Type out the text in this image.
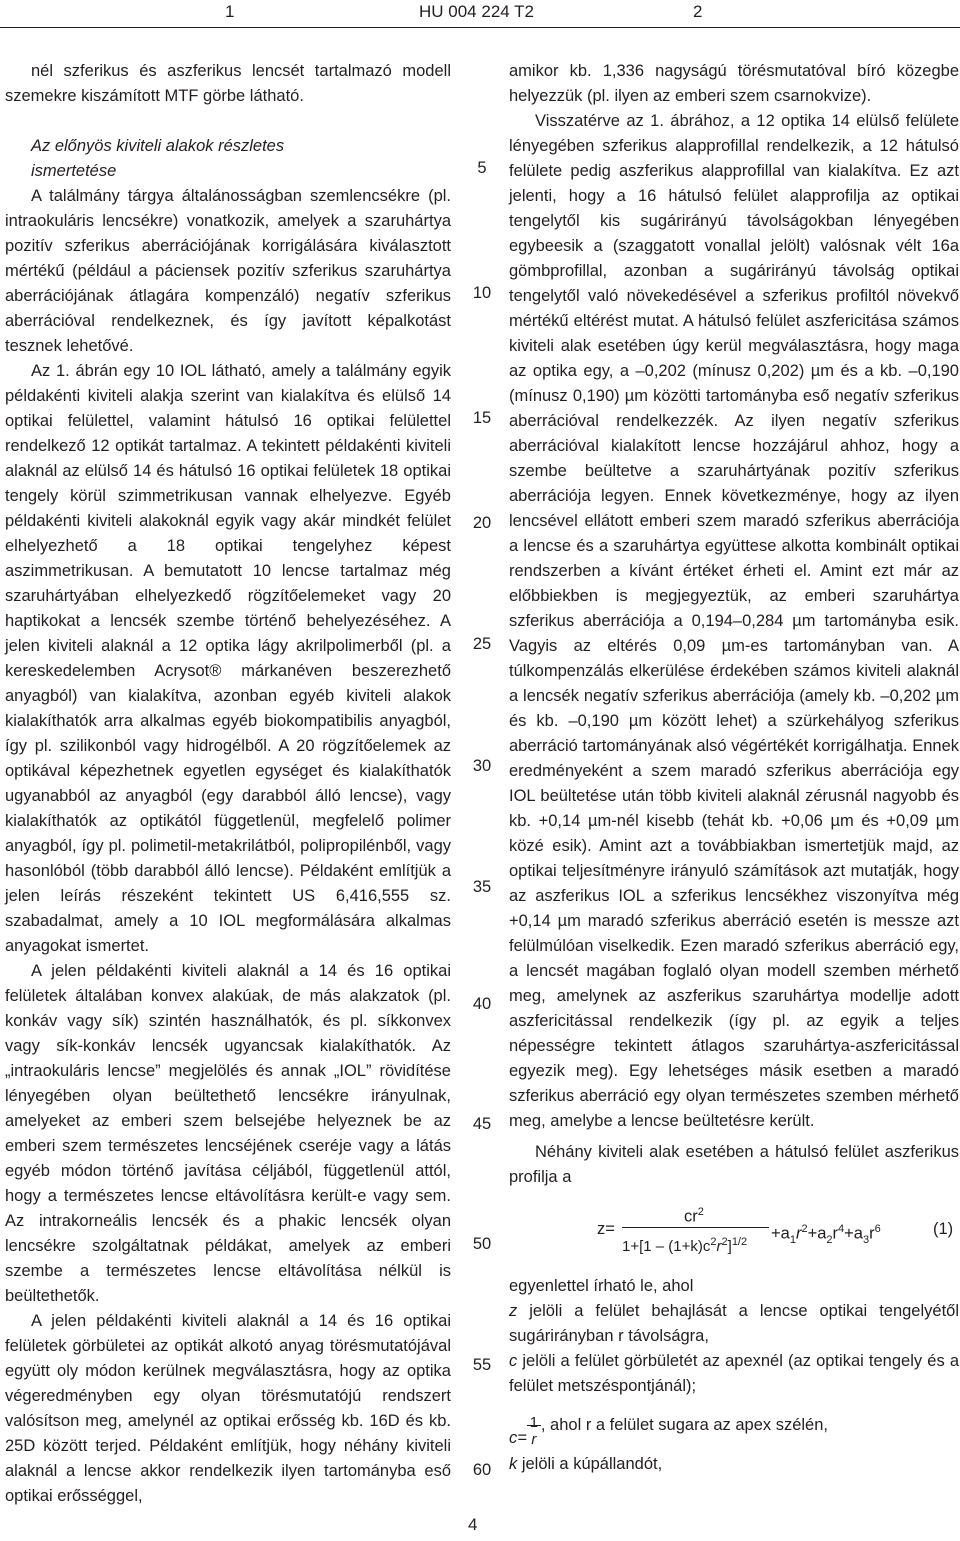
1	HU 004 224 T2	2

nél szferikus és aszferikus lencsét tartalmazó modell szemekre kiszámított MTF görbe látható.

Az előnyös kiviteli alakok részletes

ismertetése

A találmány tárgya általánosságban szemlencsékre (pl. intraokuláris lencsékre) vonatkozik, amelyek a szaruhártya pozitív szferikus aberrációjának korrigálására kiválasztott mértékű (például a páciensek pozitív szferikus szaruhártya aberrációjának átlagára kompenzáló) negatív szferikus aberrációval rendelkeznek, és így javított képalkotást tesznek lehetővé.

Az 1. ábrán egy 10 IOL látható, amely a találmány egyik példakénti kiviteli alakja szerint van kialakítva és elülső 14 optikai felülettel, valamint hátulsó 16 optikai felülettel rendelkező 12 optikát tartalmaz. A tekintett példakénti kiviteli alaknál az elülső 14 és hátulsó 16 optikai felületek 18 optikai tengely körül szimmetrikusan vannak elhelyezve. Egyéb példakénti kiviteli alakoknál egyik vagy akár mindkét felület elhelyezhető a 18 optikai tengelyhez képest aszimmetrikusan. A bemutatott 10 lencse tartalmaz még szaruhártyában elhelyezkedő rögzítőelemeket vagy 20 haptikokat a lencsék szembe történő behelyezéséhez. A jelen kiviteli alaknál a 12 optika lágy akrilpolimerből (pl. a kereskedelemben Acrysot® márkanéven beszerezhető anyagból) van kialakítva, azonban egyéb kiviteli alakok kialakíthatók arra alkalmas egyéb biokompatibilis anyagból, így pl. szilikonból vagy hidrogélből. A 20 rögzítőelemek az optikával képezhetnek egyetlen egységet és kialakíthatók ugyanabból az anyagból (egy darabból álló lencse), vagy kialakíthatók az optikától függetlenül, megfelelő polimer anyagból, így pl. polimetil-metakrilátból, polipropilénből, vagy hasonlóból (több darabból álló lencse). Példaként említjük a jelen leírás részeként tekintett US 6,416,555 sz. szabadalmat, amely a 10 IOL megformálására alkalmas anyagokat ismertet.

A jelen példakénti kiviteli alaknál a 14 és 16 optikai felületek általában konvex alakúak, de más alakzatok (pl. konkáv vagy sík) szintén használhatók, és pl. síkkonvex vagy sík-konkáv lencsék ugyancsak kialakíthatók. Az „intraokuláris lencse” megjelölés és annak „IOL” rövidítése lényegében olyan beültethető lencsékre irányulnak, amelyeket az emberi szem belsejébe helyeznek be az emberi szem természetes lencséjének cseréje vagy a látás egyéb módon történő javítása céljából, függetlenül attól, hogy a természetes lencse eltávolításra került-e vagy sem. Az intrakorneális lencsék és a phakic lencsék olyan lencsékre szolgáltatnak példákat, amelyek az emberi szembe a természetes lencse eltávolítása nélkül is beültethetők.

A jelen példakénti kiviteli alaknál a 14 és 16 optikai felületek görbületei az optikát alkotó anyag törésmutatójával együtt oly módon kerülnek megválasztásra, hogy az optika végeredményben egy olyan törésmutatójú rendszert valósítson meg, amelynél az optikai erősség kb. 16D és kb. 25D között terjed. Példaként említjük, hogy néhány kiviteli alaknál a lencse akkor rendelkezik ilyen tartományba eső optikai erősséggel,

5
10
15
20
25
30
35
40
45
50
55
60

amikor kb. 1,336 nagyságú törésmutatóval bíró közegbe helyezzük (pl. ilyen az emberi szem csarnokvize).

Visszatérve az 1. ábrához, a 12 optika 14 elülső felülete lényegében szferikus alapprofillal rendelkezik, a 12 hátulsó felülete pedig aszferikus alapprofillal van kialakítva. Ez azt jelenti, hogy a 16 hátulsó felület alapprofilja az optikai tengelytől kis sugárirányú távolságokban lényegében egybeesik a (szaggatott vonallal jelölt) valósnak vélt 16a gömbprofillal, azonban a sugárirányú távolság optikai tengelytől való növekedésével a szferikus profiltól növekvő mértékű eltérést mutat. A hátulsó felület aszfericitása számos kiviteli alak esetében úgy kerül megválasztásra, hogy maga az optika egy, a –0,202 (mínusz 0,202) µm és a kb. –0,190 (mínusz 0,190) µm közötti tartományba eső negatív szferikus aberrációval rendelkezzék. Az ilyen negatív szferikus aberrációval kialakított lencse hozzájárul ahhoz, hogy a szembe beültetve a szaruhártyának pozitív szferikus aberrációja legyen. Ennek következménye, hogy az ilyen lencsével ellátott emberi szem maradó szferikus aberrációja a lencse és a szaruhártya együttese alkotta kombinált optikai rendszerben a kívánt értéket érheti el. Amint ezt már az előbbiekben is megjegyeztük, az emberi szaruhártya szferikus aberrációja a 0,194–0,284 µm tartományba esik. Vagyis az eltérés 0,09 µm-es tartományban van. A túlkompenzálás elkerülése érdekében számos kiviteli alaknál a lencsék negatív szferikus aberrációja (amely kb. –0,202 µm és kb. –0,190 µm között lehet) a szürkehályog szferikus aberráció tartományának alsó végértékét korrigálhatja. Ennek eredményeként a szem maradó szferikus aberrációja egy IOL beültetése után több kiviteli alaknál zérusnál nagyobb és kb. +0,14 µm-nél kisebb (tehát kb. +0,06 µm és +0,09 µm közé esik). Amint azt a továbbiakban ismertetjük majd, az optikai teljesítményre irányuló számítások azt mutatják, hogy az aszferikus IOL a szferikus lencsékhez viszonyítva még +0,14 µm maradó szferikus aberráció esetén is messze azt felülmúlóan viselkedik. Ezen maradó szferikus aberráció egy, a lencsét magában foglaló olyan modell szemben mérhető meg, amelynek az aszferikus szaruhártya modellje adott aszfericitással rendelkezik (így pl. az egyik a teljes népességre tekintett átlagos szaruhártya-aszfericitással egyezik meg). Egy lehetséges másik esetben a maradó szferikus aberráció egy olyan természetes szemben mérhető meg, amelybe a lencse beültetésre került.

Néhány kiviteli alak esetében a hátulsó felület aszferikus profilja a

z=
$cr^2$
$1+[1 - (1+k)c^2r^2]^{1/2} +a_1r^2+a_2r^4+a_3r^6$	(1)

egyenlettel írható le, ahol

z jelöli a felület behajlását a lencse optikai tengelyétől sugárirányban r távolságra,

c jelöli a felület görbületét az apexnél (az optikai tengely és a felület metszéspontjánál);

c=
1
r
, ahol r a felület sugara az apex szélén,

k jelöli a kúpállandót,

4
